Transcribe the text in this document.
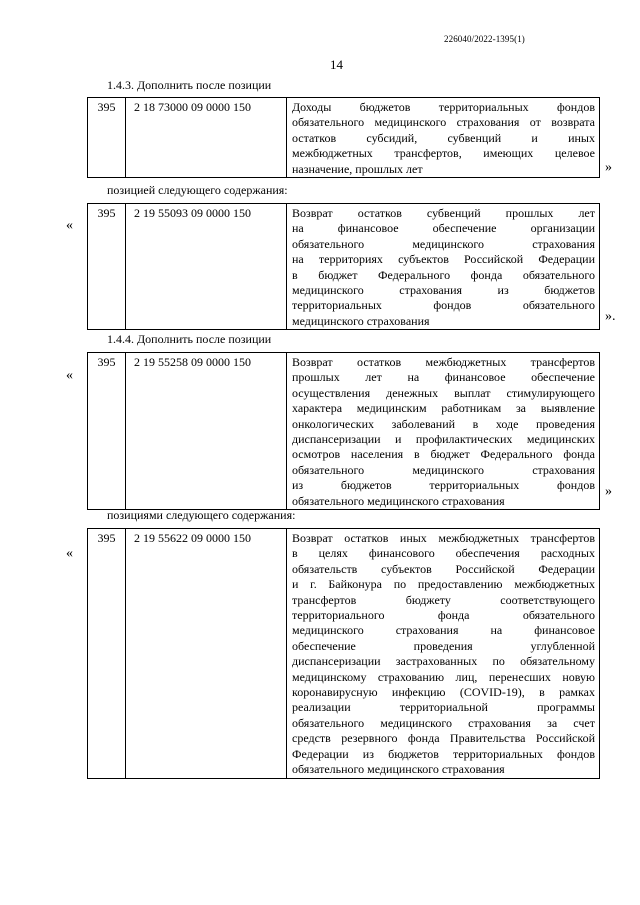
226040/2022-1395(1)
14
1.4.3. Дополнить после позиции
395	2 18 73000 09 0000 150	Доходы бюджетов территориальных фондов
обязательного медицинского страхования от возврата
остатков субсидий, субвенций и иных
межбюджетных трансфертов, имеющих целевое
назначение, прошлых лет	»
позицией следующего содержания:
«
395	2 19 55093 09 0000 150	Возврат остатков субвенций прошлых лет
на финансовое обеспечение организации
обязательного медицинского страхования
на территориях субъектов Российской Федерации
в бюджет Федерального фонда обязательного
медицинского страхования из бюджетов
территориальных фондов обязательного
медицинского страхования	».
1.4.4. Дополнить после позиции
«
395	2 19 55258 09 0000 150	Возврат остатков межбюджетных трансфертов
прошлых лет на финансовое обеспечение
осуществления денежных выплат стимулирующего
характера медицинским работникам за выявление
онкологических заболеваний в ходе проведения
диспансеризации и профилактических медицинских
осмотров населения в бюджет Федерального фонда
обязательного медицинского страхования
из бюджетов территориальных фондов
обязательного медицинского страхования
»
позициями следующего содержания:
«
395	2 19 55622 09 0000 150	Возврат остатков иных межбюджетных трансфертов
в целях финансового обеспечения расходных
обязательств субъектов Российской Федерации
и г. Байконура по предоставлению межбюджетных
трансфертов бюджету соответствующего
территориального фонда обязательного
медицинского страхования на финансовое
обеспечение проведения углубленной
диспансеризации застрахованных по обязательному
медицинскому страхованию лиц, перенесших новую
коронавирусную инфекцию (COVID-19), в рамках
реализации территориальной программы
обязательного медицинского страхования за счет
средств резервного фонда Правительства Российской
Федерации из бюджетов территориальных фондов
обязательного медицинского страхования
